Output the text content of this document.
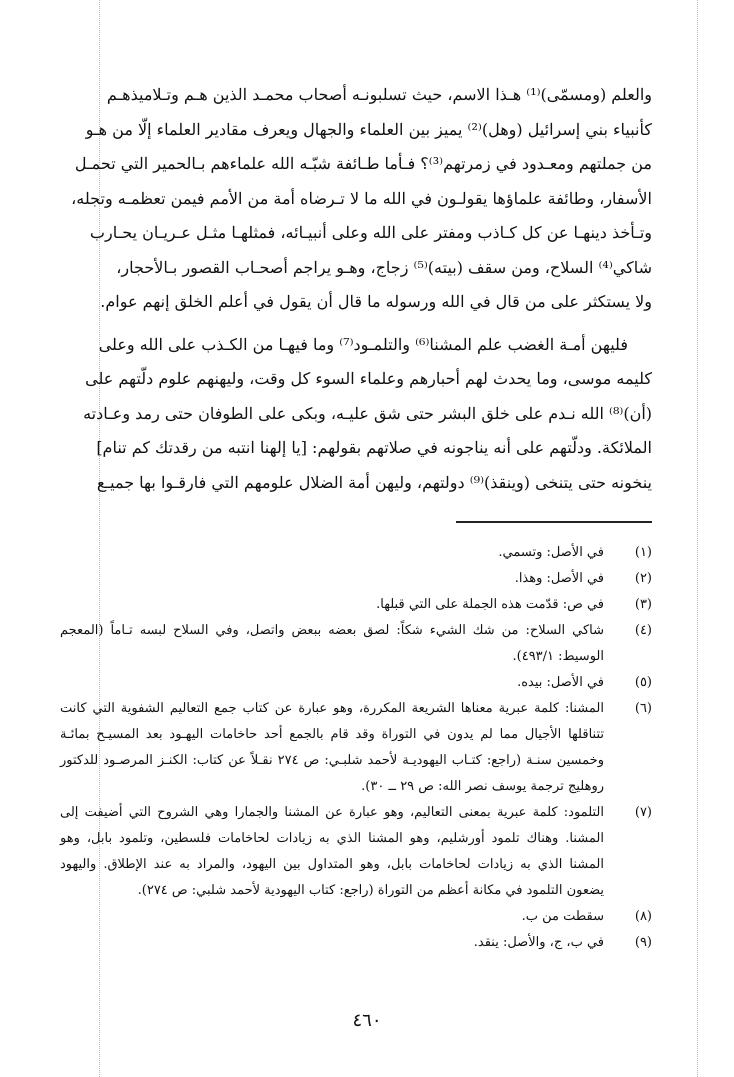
والعلم (ومسمّى)⁽¹⁾ هـذا الاسم، حيث تسلبونـه أصحاب محمـد الذين هـم وتـلاميذهـم

كأنبياء بني إسرائيل (وهل)⁽²⁾ يميز بين العلماء والجهال ويعرف مقادير العلماء إلّا من هـو

من جملتهم ومعـدود في زمرتهم⁽³⁾؟ فـأما طـائفة شبّـه الله علماءهم بـالحمير التي تحمـل

الأسفار، وطائفة علماؤها يقولـون في الله ما لا تـرضاه أمة من الأمم فيمن تعظمـه وتجله،

وتـأخذ دينهـا عن كل كـاذب ومفتر على الله وعلى أنبيـائه، فمثلهـا مثـل عـريـان يحـارب

شاكي⁽⁴⁾ السلاح، ومن سقف (بيته)⁽⁵⁾ زجاج، وهـو يراجم أصحـاب القصور بـالأحجار،

ولا يستكثر على من قال في الله ورسوله ما قال أن يقول في أعلم الخلق إنهم عوام.

فليهن أمـة الغضب علم المشنا⁽⁶⁾ والتلمـود⁽⁷⁾ وما فيهـا من الكـذب على الله وعلى

كليمه موسى، وما يحدث لهم أحبارهم وعلماء السوء كل وقت، وليهنهم علوم دلّتهم على

(أن)⁽⁸⁾ الله نـدم على خلق البشر حتى شق عليـه، وبكى على الطوفان حتى رمد وعـادته

الملائكة. ودلّتهم على أنه يناجونه في صلاتهم بقولهم: [يا إلهنا انتبه من رقدتك كم تنام]

ينخونه حتى يتنخى (وينقذ)⁽⁹⁾ دولتهم، وليهن أمة الضلال علومهم التي فارقـوا بها جميـع

(١)
في الأصل: وتسمي.
(٢)
في الأصل: وهذا.
(٣)
في ص: قدّمت هذه الجملة على التي قبلها.
(٤)
شاكي السلاح: من شك الشيء شكاً: لصق بعضه ببعض واتصل، وفي السلاح لبسه تـاماً (المعجم الوسيط: ٤٩٣/١).
(٥)
في الأصل: بيده.
(٦)
المشنا: كلمة عبرية معناها الشريعة المكررة، وهو عبارة عن كتاب جمع التعاليم الشفوية التي كانت تتناقلها الأجيال مما لم يدون في التوراة وقد قام بالجمع أحد حاخامات اليهـود بعد المسيـح بمائـة وخمسين سنـة (راجع: كتـاب اليهوديـة لأحمد شلبـي: ص ٢٧٤ نقـلاً عن كتاب: الكنـز المرصـود للدكتور روهليج ترجمة يوسف نصر الله: ص ٢٩ ــ ٣٠).
(٧)
التلمود: كلمة عبرية بمعنى التعاليم، وهو عبارة عن المشنا والجمارا وهي الشروح التي أضيفت إلى المشنا. وهناك تلمود أورشليم، وهو المشنا الذي به زيادات لحاخامات فلسطين، وتلمود بابل، وهو المشنا الذي به زيادات لحاخامات بابل، وهو المتداول بين اليهود، والمراد به عند الإطلاق. واليهود يضعون التلمود في مكانة أعظم من التوراة (راجع: كتاب اليهودية لأحمد شلبي: ص ٢٧٤).
(٨)
سقطت من ب.
(٩)
في ب، ج، والأصل: ينقد.
٤٦٠
